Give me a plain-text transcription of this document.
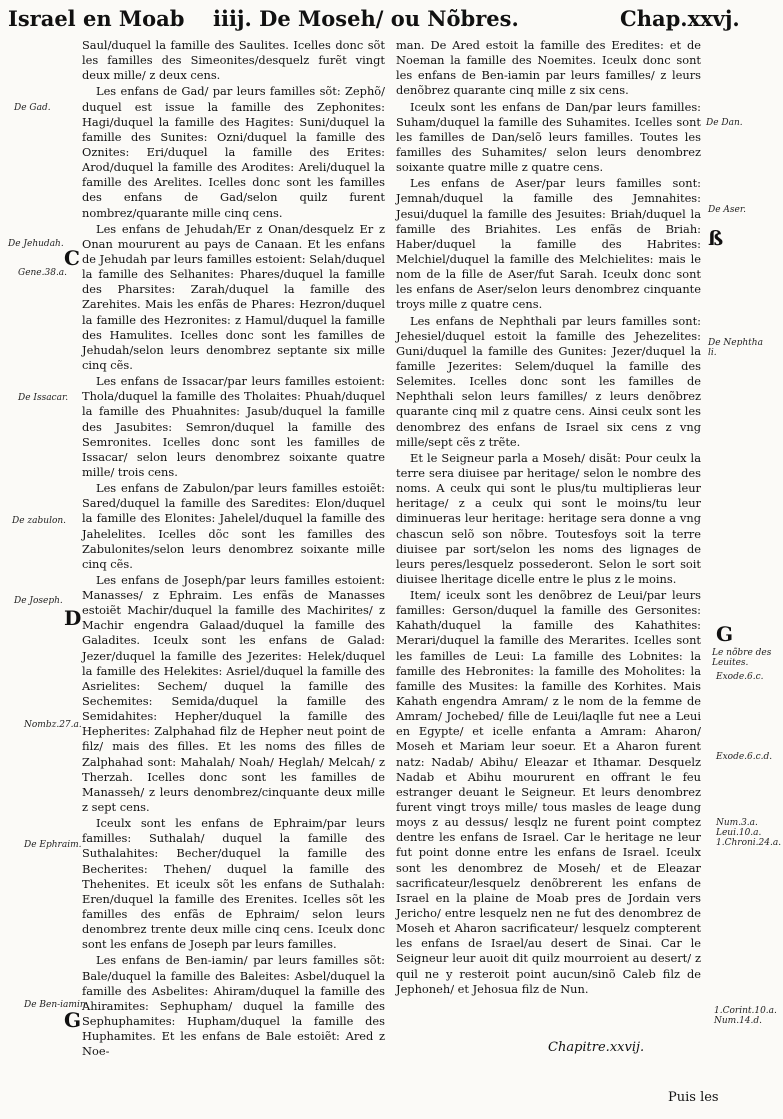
Israel en Moab iiij. De Moseh/ ou Nõbres.	Chap.xxvj.
De Gad.
De Jehudah.
Gene.38.a.
De Issacar.
De zabulon.
De Joseph.
Nombz.27.a.
De Ephraim.
De Ben-iamin
C
D
G
De Dan.
De Aser.
ß
De Nephtha li.
G
Le nõbre des Leuites.
Exode.6.c.
Exode.6.c.d.
Num.3.a. Leui.10.a. 1.Chroni.24.a.
1.Corint.10.a. Num.14.d.

Saul/duquel la famille des Saulites. Icelles donc sõt les familles des Simeonites/desquelz furẽt vingt deux mille/ z deux cens.

Les enfans de Gad/ par leurs familles sõt: Zephõ/ duquel est issue la famille des Zephonites: Hagi/duquel la famille des Hagites: Suni/duquel la famille des Sunites: Ozni/duquel la famille des Oznites: Eri/duquel la famille des Erites: Arod/duquel la famille des Arodites: Areli/duquel la famille des Arelites. Icelles donc sont les familles des enfans de Gad/selon quilz furent nombrez/quarante mille cinq cens.

Les enfans de Jehudah/Er z Onan/desquelz Er z Onan moururent au pays de Canaan. Et les enfans de Jehudah par leurs familles estoient: Selah/duquel la famille des Selhanites: Phares/duquel la famille des Pharsites: Zarah/duquel la famille des Zarehites. Mais les enfãs de Phares: Hezron/duquel la famille des Hezronites: z Hamul/duquel la famille des Hamulites. Icelles donc sont les familles de Jehudah/selon leurs denombrez septante six mille cinq cẽs.

Les enfans de Issacar/par leurs familles estoient: Thola/duquel la famille des Tholaites: Phuah/duquel la famille des Phuahnites: Jasub/duquel la famille des Jasubites: Semron/duquel la famille des Semronites. Icelles donc sont les familles de Issacar/ selon leurs denombrez soixante quatre mille/ trois cens.

Les enfans de Zabulon/par leurs familles estoiẽt: Sared/duquel la famille des Saredites: Elon/duquel la famille des Elonites: Jahelel/duquel la famille des Jahelelites. Icelles dõc sont les familles des Zabulonites/selon leurs denombrez soixante mille cinq cẽs.

Les enfans de Joseph/par leurs familles estoient: Manasses/ z Ephraim. Les enfãs de Manasses estoiẽt Machir/duquel la famille des Machirites/ z Machir engendra Galaad/duquel la famille des Galadites. Iceulx sont les enfans de Galad: Jezer/duquel la famille des Jezerites: Helek/duquel la famille des Helekites: Asriel/duquel la famille des Asrielites: Sechem/ duquel la famille des Sechemites: Semida/duquel la famille des Semidahites: Hepher/duquel la famille des Hepherites: Zalphahad filz de Hepher neut point de filz/ mais des filles. Et les noms des filles de Zalphahad sont: Mahalah/ Noah/ Heglah/ Melcah/ z Therzah. Icelles donc sont les familles de Manasseh/ z leurs denombrez/cinquante deux mille z sept cens.

Iceulx sont les enfans de Ephraim/par leurs familles: Suthalah/ duquel la famille des Suthalahites: Becher/duquel la famille des Becherites: Thehen/ duquel la famille des Thehenites. Et iceulx sõt les enfans de Suthalah: Eren/duquel la famille des Erenites. Icelles sõt les familles des enfãs de Ephraim/ selon leurs denombrez trente deux mille cinq cens. Iceulx donc sont les enfans de Joseph par leurs familles.

Les enfans de Ben-iamin/ par leurs familles sõt: Bale/duquel la famille des Baleites: Asbel/duquel la famille des Asbelites: Ahiram/duquel la famille des Ahiramites: Sephupham/ duquel la famille des Sephuphamites: Hupham/duquel la famille des Huphamites. Et les enfans de Bale estoiẽt: Ared z Noe-

man. De Ared estoit la famille des Eredites: et de Noeman la famille des Noemites. Iceulx donc sont les enfans de Ben-iamin par leurs familles/ z leurs denõbrez quarante cinq mille z six cens.

Iceulx sont les enfans de Dan/par leurs familles: Suham/duquel la famille des Suhamites. Icelles sont les familles de Dan/selõ leurs familles. Toutes les familles des Suhamites/ selon leurs denombrez soixante quatre mille z quatre cens.

Les enfans de Aser/par leurs familles sont: Jemnah/duquel la famille des Jemnahites: Jesui/duquel la famille des Jesuites: Briah/duquel la famille des Briahites. Les enfãs de Briah: Haber/duquel la famille des Habrites: Melchiel/duquel la famille des Melchielites: mais le nom de la fille de Aser/fut Sarah. Iceulx donc sont les enfans de Aser/selon leurs denombrez cinquante troys mille z quatre cens.

Les enfans de Nephthali par leurs familles sont: Jehesiel/duquel estoit la famille des Jehezelites: Guni/duquel la famille des Gunites: Jezer/duquel la famille Jezerites: Selem/duquel la famille des Selemites. Icelles donc sont les familles de Nephthali selon leurs familles/ z leurs denõbrez quarante cinq mil z quatre cens. Ainsi ceulx sont les denombrez des enfans de Israel six cens z vng mille/sept cẽs z trẽte.

Et le Seigneur parla a Moseh/ disãt: Pour ceulx la terre sera diuisee par heritage/ selon le nombre des noms. A ceulx qui sont le plus/tu multiplieras leur heritage/ z a ceulx qui sont le moins/tu leur diminueras leur heritage: heritage sera donne a vng chascun selõ son nõbre. Toutesfoys soit la terre diuisee par sort/selon les noms des lignages de leurs peres/lesquelz possederont. Selon le sort soit diuisee lheritage dicelle entre le plus z le moins.

Item/ iceulx sont les denõbrez de Leui/par leurs familles: Gerson/duquel la famille des Gersonites: Kahath/duquel la famille des Kahathites: Merari/duquel la famille des Merarites. Icelles sont les familles de Leui: La famille des Lobnites: la famille des Hebronites: la famille des Moholites: la famille des Musites: la famille des Korhites. Mais Kahath engendra Amram/ z le nom de la femme de Amram/ Jochebed/ fille de Leui/laqlle fut nee a Leui en Egypte/ et icelle enfanta a Amram: Aharon/ Moseh et Mariam leur soeur. Et a Aharon furent natz: Nadab/ Abihu/ Eleazar et Ithamar. Desquelz Nadab et Abihu moururent en offrant le feu estranger deuant le Seigneur. Et leurs denombrez furent vingt troys mille/ tous masles de leage dung moys z au dessus/ lesqlz ne furent point comptez dentre les enfans de Israel. Car le heritage ne leur fut point donne entre les enfans de Israel. Iceulx sont les denombrez de Moseh/ et de Eleazar sacrificateur/lesquelz denõbrerent les enfans de Israel en la plaine de Moab pres de Jordain vers Jericho/ entre lesquelz nen ne fut des denombrez de Moseh et Aharon sacrificateur/ lesquelz compterent les enfans de Israel/au desert de Sinai. Car le Seigneur leur auoit dit quilz mourroient au desert/ z quil ne y resteroit point aucun/sinõ Caleb filz de Jephoneh/ et Jehosua filz de Nun.

Chapitre.xxvij.
Puis les
